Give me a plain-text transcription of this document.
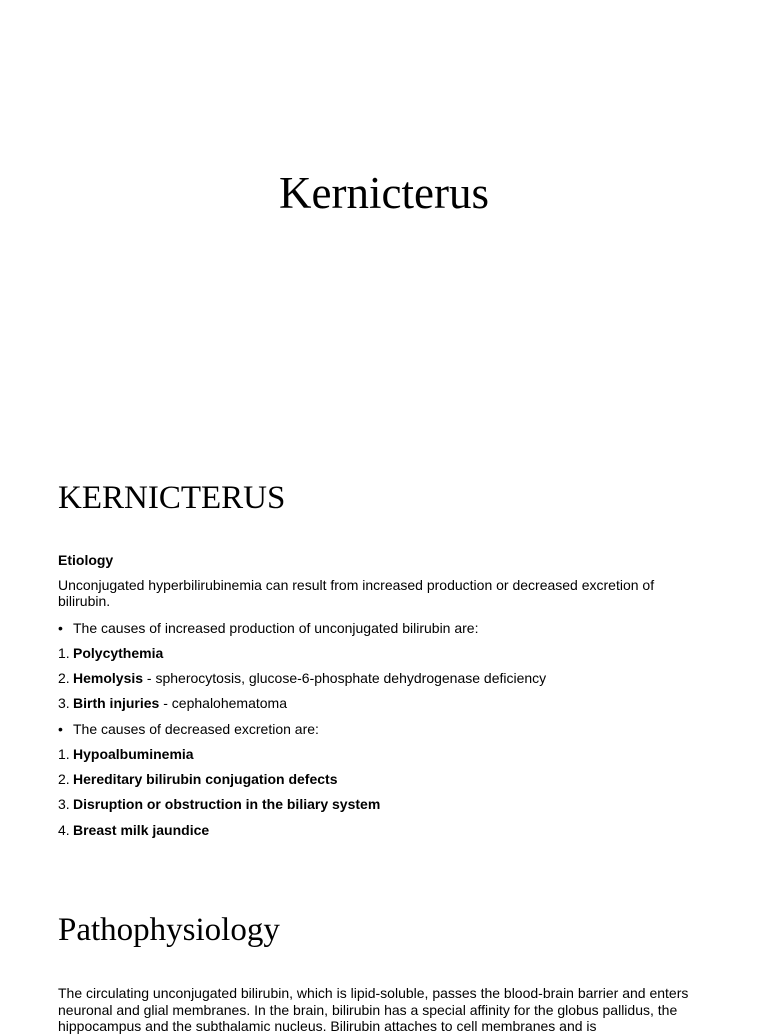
Kernicterus
KERNICTERUS
Etiology
Unconjugated hyperbilirubinemia can result from increased production or decreased excretion of bilirubin.
• The causes of increased production of unconjugated bilirubin are:
1. Polycythemia
2. Hemolysis - spherocytosis, glucose-6-phosphate dehydrogenase deficiency
3. Birth injuries - cephalohematoma
• The causes of decreased excretion are:
1. Hypoalbuminemia
2. Hereditary bilirubin conjugation defects
3. Disruption or obstruction in the biliary system
4. Breast milk jaundice
Pathophysiology
The circulating unconjugated bilirubin, which is lipid-soluble, passes the blood-brain barrier and enters neuronal and glial membranes. In the brain, bilirubin has a special affinity for the globus pallidus, the hippocampus and the subthalamic nucleus. Bilirubin attaches to cell membranes and is
